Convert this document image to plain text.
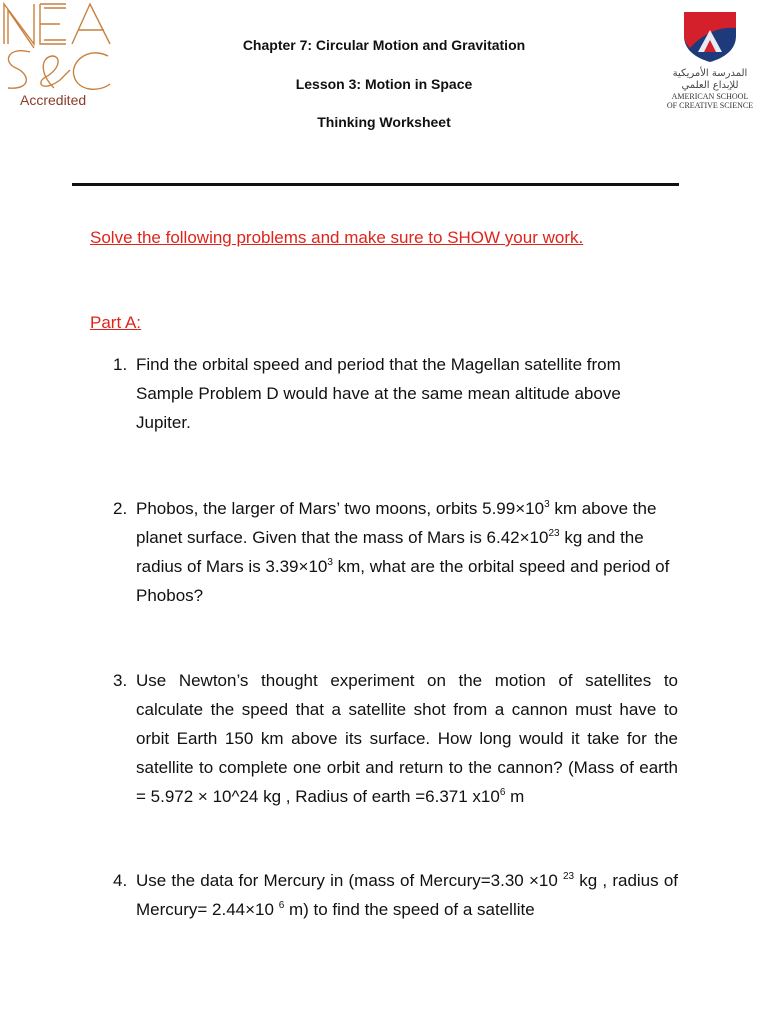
Accredited
Chapter 7: Circular Motion and Gravitation
Lesson 3: Motion in Space
Thinking Worksheet
المدرسة الأمريكية
للإبداع العلمي
AMERICAN SCHOOL
OF CREATIVE SCIENCE
Solve the following problems and make sure to SHOW your work.
Part A:
1. Find the orbital speed and period that the Magellan satellite from Sample Problem D would have at the same mean altitude above Jupiter.
2. Phobos, the larger of Mars’ two moons, orbits $5.99\times 10^3$ km above the planet surface. Given that the mass of Mars is $6.42\times 10^{23}$ kg and the radius of Mars is $3.39\times 10^3$ km, what are the orbital speed and period of Phobos?
3. Use Newton’s thought experiment on the motion of satellites to calculate the speed that a satellite shot from a cannon must have to orbit Earth 150 km above its surface. How long would it take for the satellite to complete one orbit and return to the cannon? (Mass of earth = 5.972 × 10^24 kg , Radius of earth =6.371 $x10^6$ m
4. Use the data for Mercury in (mass of Mercury=3.30 ×10 $^{23}$ kg , radius of Mercury= 2.44×10 $^6$ m) to find the speed of a satellite
